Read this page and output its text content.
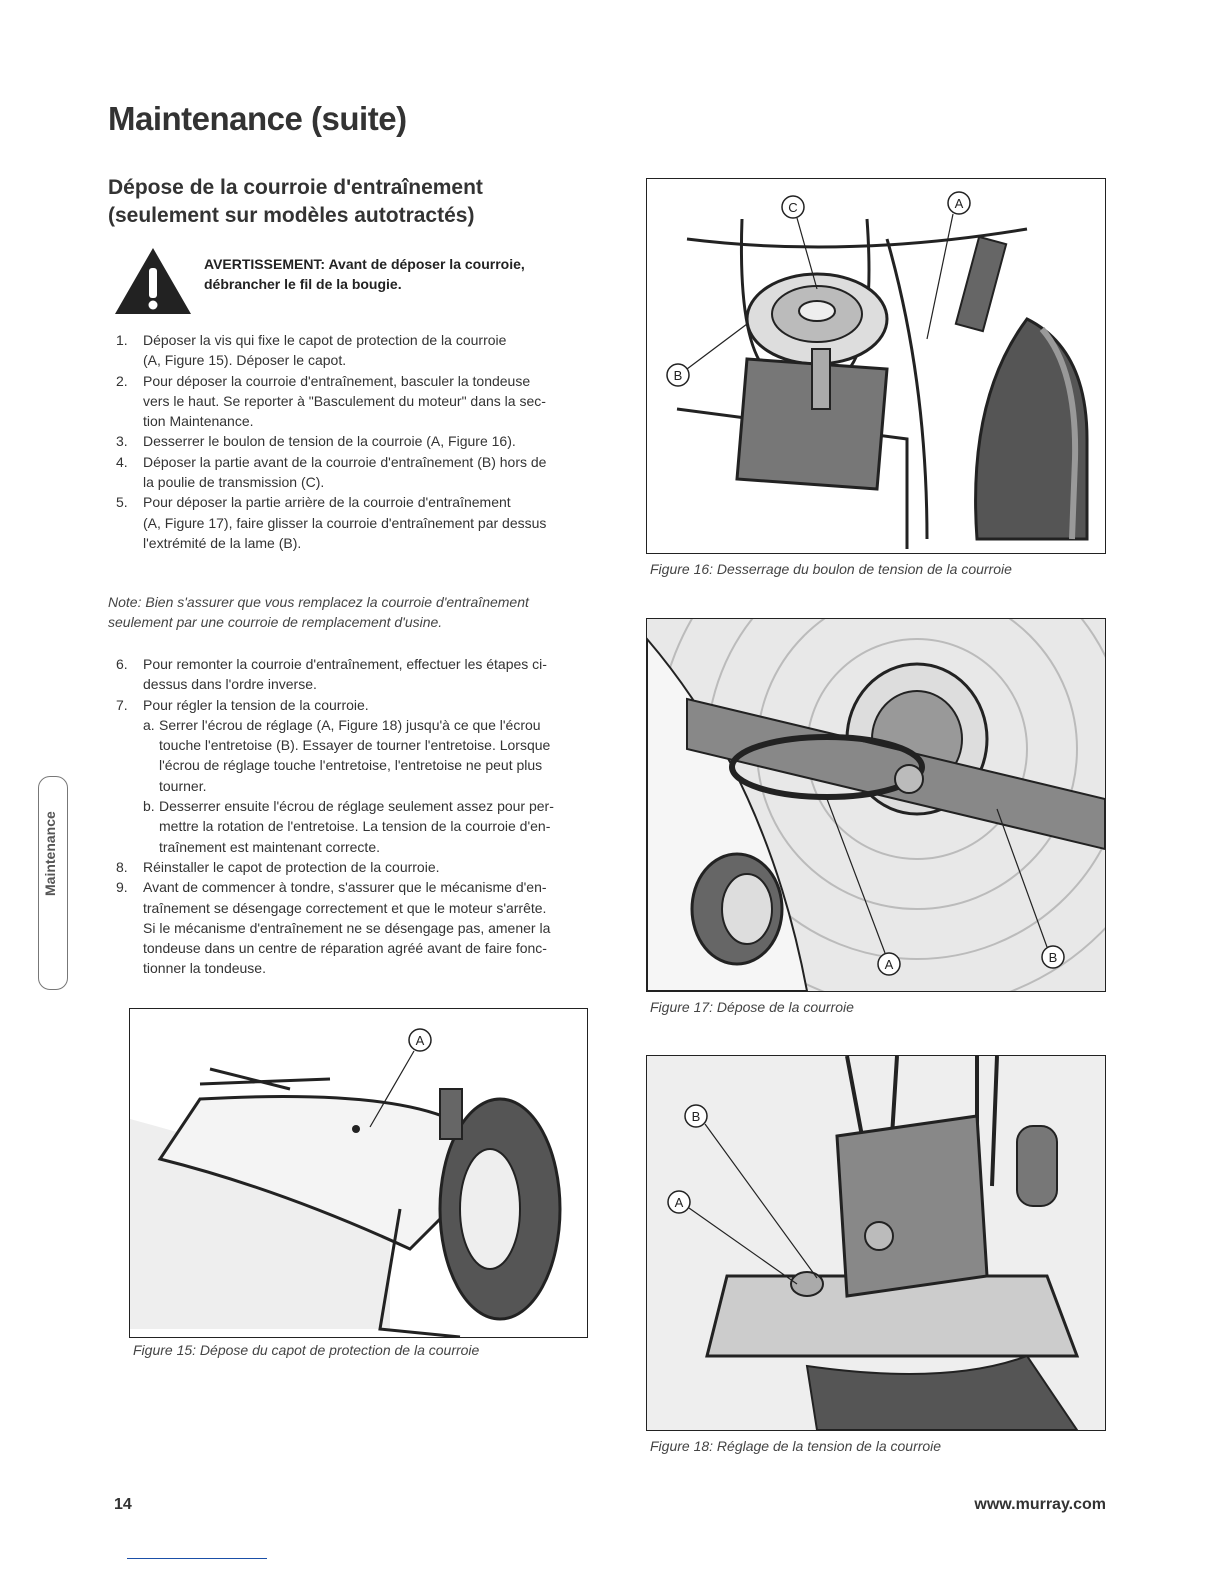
Maintenance (suite)
Dépose de la courroie d'entraînement
(seulement sur modèles autotractés)
AVERTISSEMENT: Avant de déposer la courroie,
débrancher le fil de la bougie.
1. Déposer la vis qui fixe le capot de protection de la courroie
(A, Figure 15). Déposer le capot.
2. Pour déposer la courroie d'entraînement, basculer la tondeuse
vers le haut. Se reporter à "Basculement du moteur" dans la sec-
tion Maintenance.
3. Desserrer le boulon de tension de la courroie (A, Figure 16).
4. Déposer la partie avant de la courroie d'entraînement (B) hors de
la poulie de transmission (C).
5. Pour déposer la partie arrière de la courroie d'entraînement
(A, Figure 17), faire glisser la courroie d'entraînement par dessus
l'extrémité de la lame (B).
Note: Bien s'assurer que vous remplacez la courroie d'entraînement
seulement par une courroie de remplacement d'usine.
6. Pour remonter la courroie d'entraînement, effectuer les étapes ci-
dessus dans l'ordre inverse.
7. Pour régler la tension de la courroie.
a. Serrer l'écrou de réglage (A, Figure 18) jusqu'à ce que l'écrou
touche l'entretoise (B). Essayer de tourner l'entretoise. Lorsque
l'écrou de réglage touche l'entretoise, l'entretoise ne peut plus
tourner.
b. Desserrer ensuite l'écrou de réglage seulement assez pour per-
mettre la rotation de l'entretoise. La tension de la courroie d'en-
traînement est maintenant correcte.
8. Réinstaller le capot de protection de la courroie.
9. Avant de commencer à tondre, s'assurer que le mécanisme d'en-
traînement se désengage correctement et que le moteur s'arrête.
Si le mécanisme d'entraînement ne se désengage pas, amener la
tondeuse dans un centre de réparation agréé avant de faire fonc-
tionner la tondeuse.
C	A
B
Figure 16: Desserrage du boulon de tension de la courroie
A	B
Figure 17: Dépose de la courroie
B
A
Figure 18: Réglage de la tension de la courroie
A
Figure 15: Dépose du capot de protection de la courroie
Maintenance
14	www.murray.com
